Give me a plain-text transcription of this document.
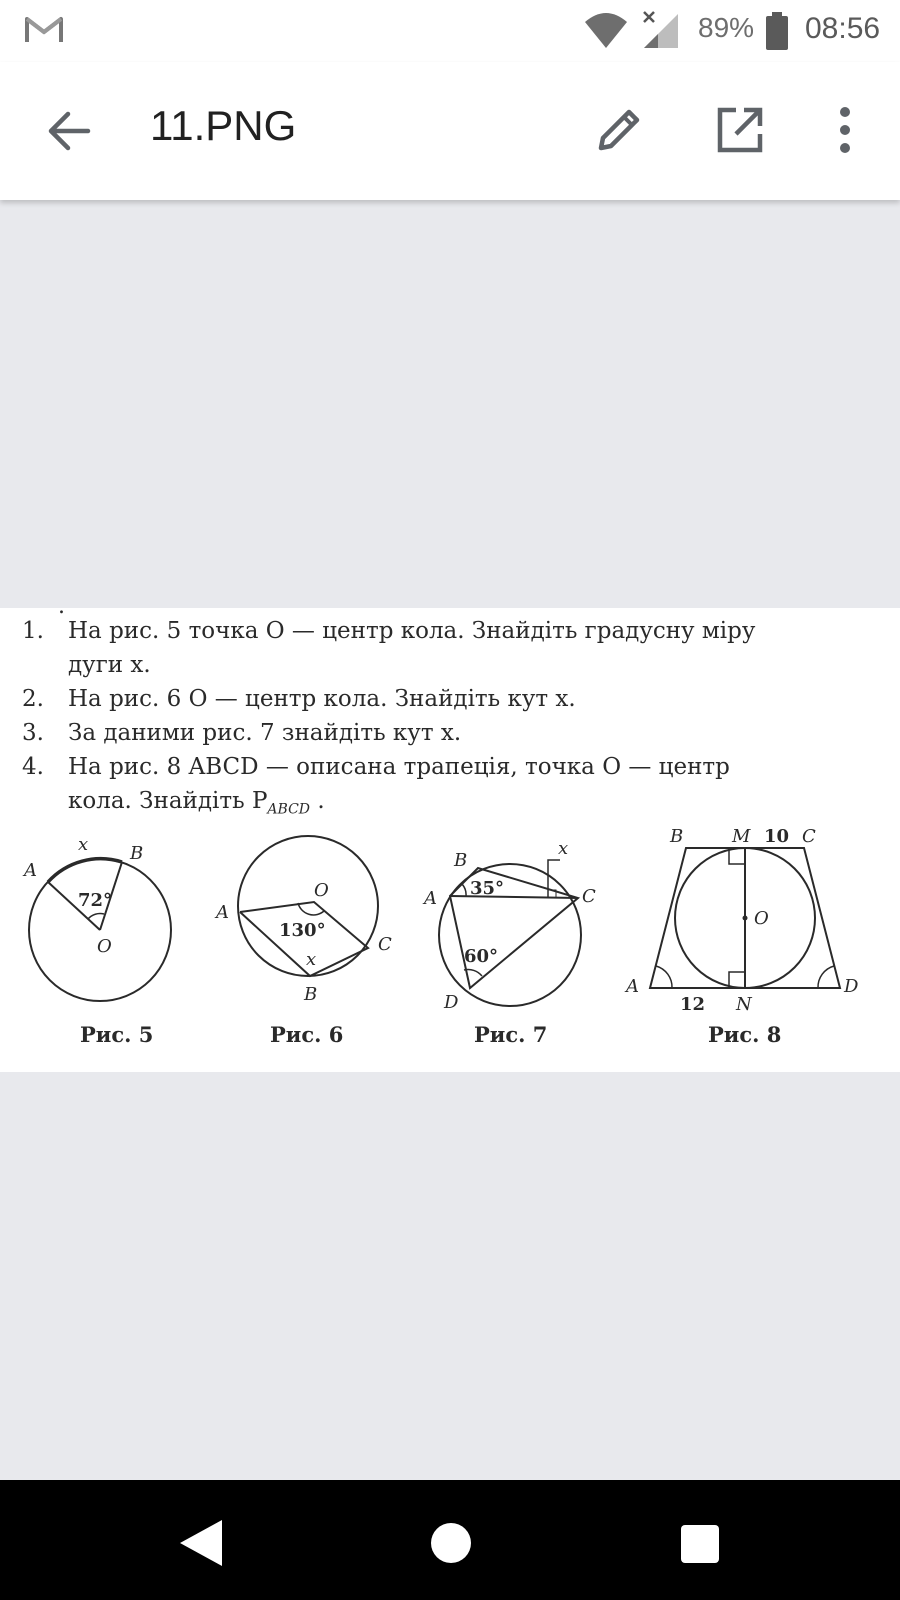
89% 08:56
11.PNG
.
1.	На рис. 5 точка O — центр кола. Знайдіть градусну міру
дуги x.
2.	На рис. 6 O — центр кола. Знайдіть кут x.
3.	За даними рис. 7 знайдіть кут x.
4.	На рис. 8 ABCD — описана трапеція, точка O — центр
кола. Знайдіть $P_{ABCD}$ .
A
B
O
x
72°
Рис. 5
A
B
C
O
x
130°
Рис. 6
A
B
C
D
x
35°
60°
Рис. 7
A
B	C
D
M
N
O
10
12
Рис. 8
